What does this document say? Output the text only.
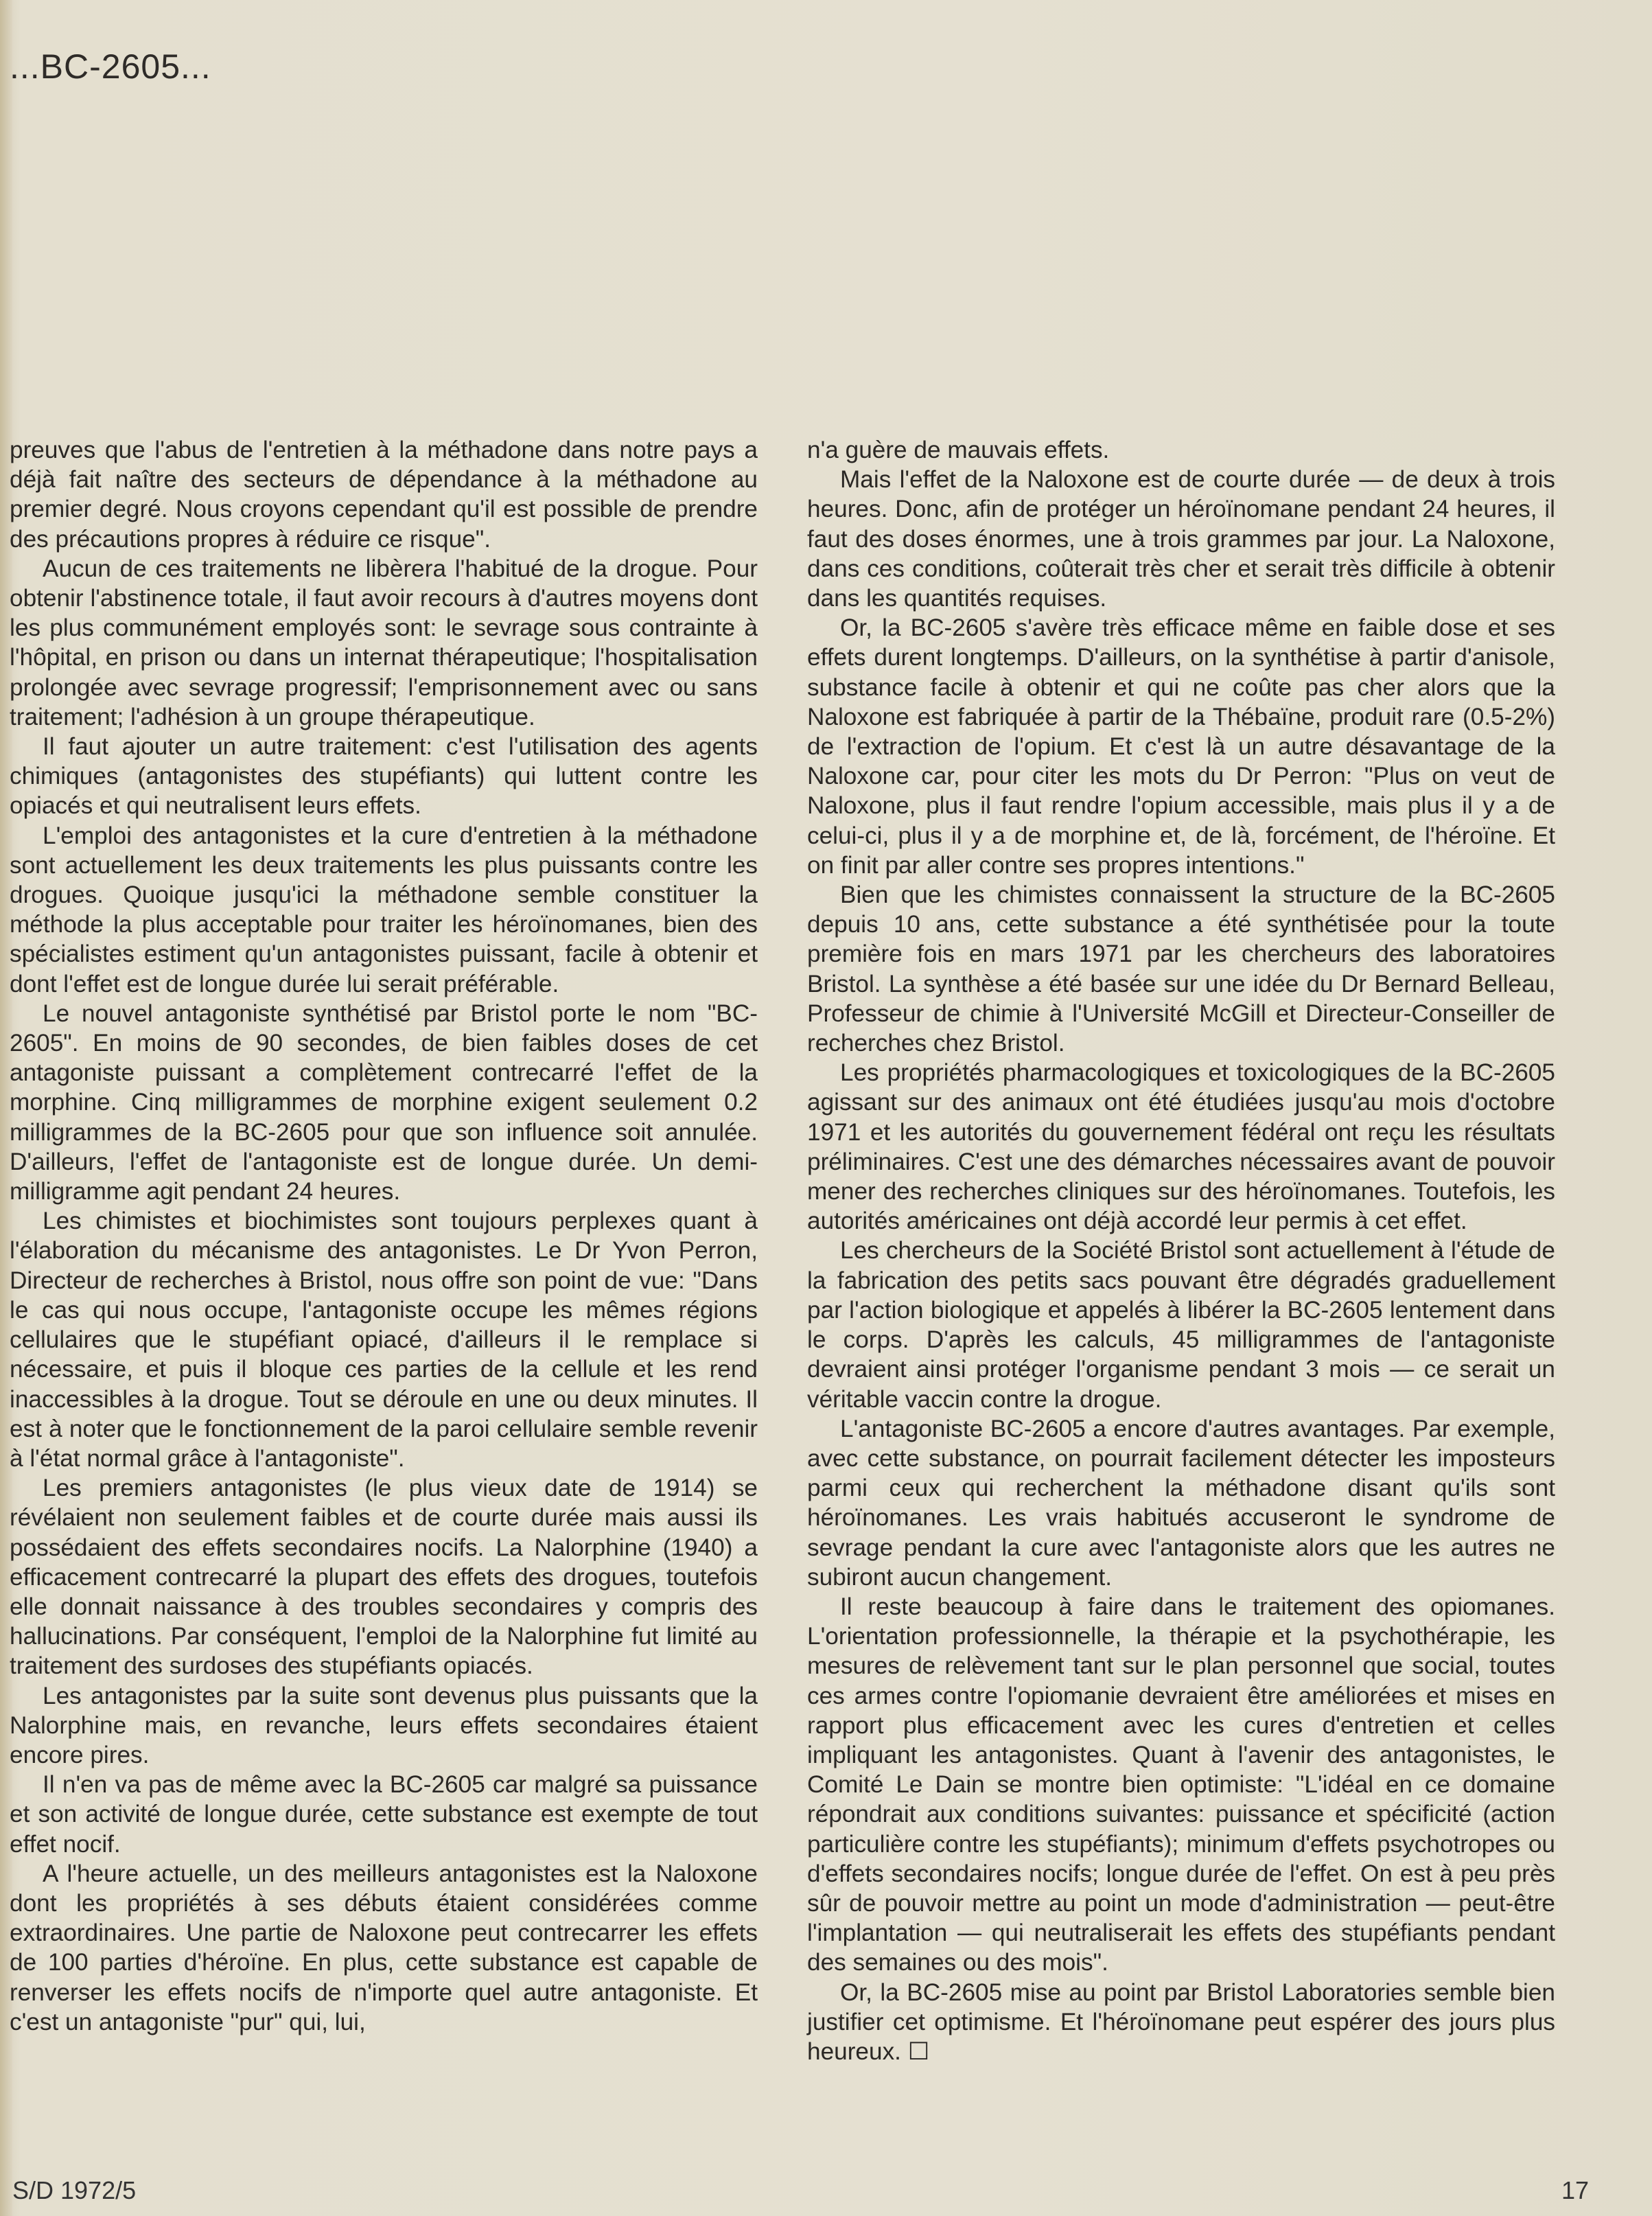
...BC-2605...

preuves que l'abus de l'entretien à la méthadone dans notre pays a déjà fait naître des secteurs de dépendance à la méthadone au premier degré. Nous croyons cependant qu'il est possible de prendre des précautions propres à réduire ce risque".

Aucun de ces traitements ne libèrera l'habitué de la drogue. Pour obtenir l'abstinence totale, il faut avoir recours à d'autres moyens dont les plus communément employés sont: le sevrage sous contrainte à l'hôpital, en prison ou dans un internat thérapeutique; l'hospitalisation prolongée avec sevrage progressif; l'emprisonnement avec ou sans traitement; l'adhésion à un groupe thérapeutique.

Il faut ajouter un autre traitement: c'est l'utilisation des agents chimiques (antagonistes des stupéfiants) qui luttent contre les opiacés et qui neutralisent leurs effets.

L'emploi des antagonistes et la cure d'entretien à la méthadone sont actuellement les deux traitements les plus puissants contre les drogues. Quoique jusqu'ici la méthadone semble constituer la méthode la plus acceptable pour traiter les héroïnomanes, bien des spécialistes estiment qu'un antagonistes puissant, facile à obtenir et dont l'effet est de longue durée lui serait préférable.

Le nouvel antagoniste synthétisé par Bristol porte le nom "BC-2605". En moins de 90 secondes, de bien faibles doses de cet antagoniste puissant a complètement contrecarré l'effet de la morphine. Cinq milligrammes de morphine exigent seulement 0.2 milligrammes de la BC-2605 pour que son influence soit annulée. D'ailleurs, l'effet de l'antagoniste est de longue durée. Un demi-milligramme agit pendant 24 heures.

Les chimistes et biochimistes sont toujours perplexes quant à l'élaboration du mécanisme des antagonistes. Le Dr Yvon Perron, Directeur de recherches à Bristol, nous offre son point de vue: "Dans le cas qui nous occupe, l'antagoniste occupe les mêmes régions cellulaires que le stupéfiant opiacé, d'ailleurs il le remplace si nécessaire, et puis il bloque ces parties de la cellule et les rend inaccessibles à la drogue. Tout se déroule en une ou deux minutes. Il est à noter que le fonctionnement de la paroi cellulaire semble revenir à l'état normal grâce à l'antagoniste".

Les premiers antagonistes (le plus vieux date de 1914) se révélaient non seulement faibles et de courte durée mais aussi ils possédaient des effets secondaires nocifs. La Nalorphine (1940) a efficacement contrecarré la plupart des effets des drogues, toutefois elle donnait naissance à des troubles secondaires y compris des hallucinations. Par conséquent, l'emploi de la Nalorphine fut limité au traitement des surdoses des stupéfiants opiacés.

Les antagonistes par la suite sont devenus plus puissants que la Nalorphine mais, en revanche, leurs effets secondaires étaient encore pires.

Il n'en va pas de même avec la BC-2605 car malgré sa puissance et son activité de longue durée, cette substance est exempte de tout effet nocif.

A l'heure actuelle, un des meilleurs antagonistes est la Naloxone dont les propriétés à ses débuts étaient considérées comme extraordinaires. Une partie de Naloxone peut contrecarrer les effets de 100 parties d'héroïne. En plus, cette substance est capable de renverser les effets nocifs de n'importe quel autre antagoniste. Et c'est un antagoniste "pur" qui, lui,

n'a guère de mauvais effets.

Mais l'effet de la Naloxone est de courte durée — de deux à trois heures. Donc, afin de protéger un héroïnomane pendant 24 heures, il faut des doses énormes, une à trois grammes par jour. La Naloxone, dans ces conditions, coûterait très cher et serait très difficile à obtenir dans les quantités requises.

Or, la BC-2605 s'avère très efficace même en faible dose et ses effets durent longtemps. D'ailleurs, on la synthétise à partir d'anisole, substance facile à obtenir et qui ne coûte pas cher alors que la Naloxone est fabriquée à partir de la Thébaïne, produit rare (0.5-2%) de l'extraction de l'opium. Et c'est là un autre désavantage de la Naloxone car, pour citer les mots du Dr Perron: "Plus on veut de Naloxone, plus il faut rendre l'opium accessible, mais plus il y a de celui-ci, plus il y a de morphine et, de là, forcément, de l'héroïne. Et on finit par aller contre ses propres intentions."

Bien que les chimistes connaissent la structure de la BC-2605 depuis 10 ans, cette substance a été synthétisée pour la toute première fois en mars 1971 par les chercheurs des laboratoires Bristol. La synthèse a été basée sur une idée du Dr Bernard Belleau, Professeur de chimie à l'Université McGill et Directeur-Conseiller de recherches chez Bristol.

Les propriétés pharmacologiques et toxicologiques de la BC-2605 agissant sur des animaux ont été étudiées jusqu'au mois d'octobre 1971 et les autorités du gouvernement fédéral ont reçu les résultats préliminaires. C'est une des démarches nécessaires avant de pouvoir mener des recherches cliniques sur des héroïnomanes. Toutefois, les autorités américaines ont déjà accordé leur permis à cet effet.

Les chercheurs de la Société Bristol sont actuellement à l'étude de la fabrication des petits sacs pouvant être dégradés graduellement par l'action biologique et appelés à libérer la BC-2605 lentement dans le corps. D'après les calculs, 45 milligrammes de l'antagoniste devraient ainsi protéger l'organisme pendant 3 mois — ce serait un véritable vaccin contre la drogue.

L'antagoniste BC-2605 a encore d'autres avantages. Par exemple, avec cette substance, on pourrait facilement détecter les imposteurs parmi ceux qui recherchent la méthadone disant qu'ils sont héroïnomanes. Les vrais habitués accuseront le syndrome de sevrage pendant la cure avec l'antagoniste alors que les autres ne subiront aucun changement.

Il reste beaucoup à faire dans le traitement des opiomanes. L'orientation professionnelle, la thérapie et la psychothérapie, les mesures de relèvement tant sur le plan personnel que social, toutes ces armes contre l'opiomanie devraient être améliorées et mises en rapport plus efficacement avec les cures d'entretien et celles impliquant les antagonistes. Quant à l'avenir des antagonistes, le Comité Le Dain se montre bien optimiste: "L'idéal en ce domaine répondrait aux conditions suivantes: puissance et spécificité (action particulière contre les stupéfiants); minimum d'effets psychotropes ou d'effets secondaires nocifs; longue durée de l'effet. On est à peu près sûr de pouvoir mettre au point un mode d'administration — peut-être l'implantation — qui neutraliserait les effets des stupéfiants pendant des semaines ou des mois".

Or, la BC-2605 mise au point par Bristol Laboratories semble bien justifier cet optimisme. Et l'héroïnomane peut espérer des jours plus heureux. ☐

S/D 1972/5	17
